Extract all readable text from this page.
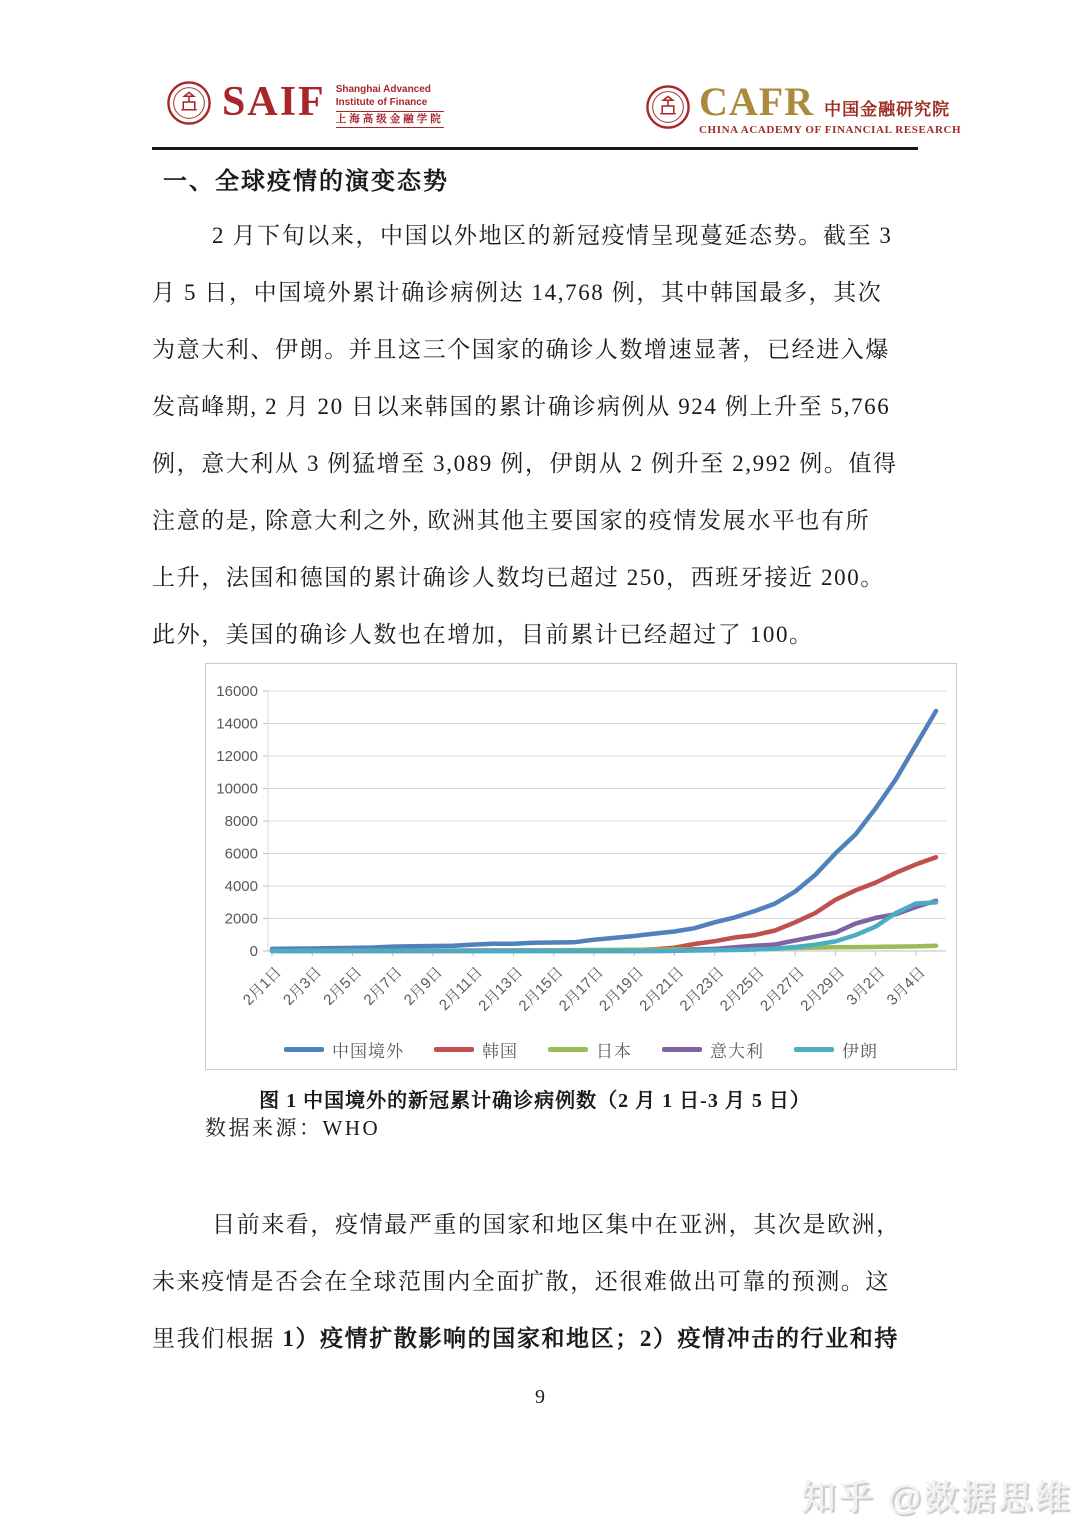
SAIF Shanghai Advanced
Institute of Finance
上海高级金融学院	CAFR 中国金融研究院
CHINA ACADEMY OF FINANCIAL RESEARCH
一、全球疫情的演变态势
2 月下旬以来，中国以外地区的新冠疫情呈现蔓延态势。截至 3
月 5 日，中国境外累计确诊病例达 14,768 例，其中韩国最多，其次
为意大利、伊朗。并且这三个国家的确诊人数增速显著，已经进入爆
发高峰期, 2 月 20 日以来韩国的累计确诊病例从 924 例上升至 5,766
例，意大利从 3 例猛增至 3,089 例，伊朗从 2 例升至 2,992 例。值得
注意的是, 除意大利之外, 欧洲其他主要国家的疫情发展水平也有所
上升，法国和德国的累计确诊人数均已超过 250，西班牙接近 200。
此外，美国的确诊人数也在增加，目前累计已经超过了 100。
0
2000
4000
6000
8000
10000
12000
14000
16000
2月1日
2月3日
2月5日
2月7日
2月9日
2月11日
2月13日
2月15日
2月17日
2月19日
2月21日
2月23日
2月25日
2月27日
2月29日
3月2日
3月4日
中国境外	韩国	日本	意大利	伊朗
图 1 中国境外的新冠累计确诊病例数（2 月 1 日-3 月 5 日）
数据来源：WHO
目前来看，疫情最严重的国家和地区集中在亚洲，其次是欧洲，
未来疫情是否会在全球范围内全面扩散，还很难做出可靠的预测。这
里我们根据 1）疫情扩散影响的国家和地区；2）疫情冲击的行业和持
9
知乎 @数据思维
